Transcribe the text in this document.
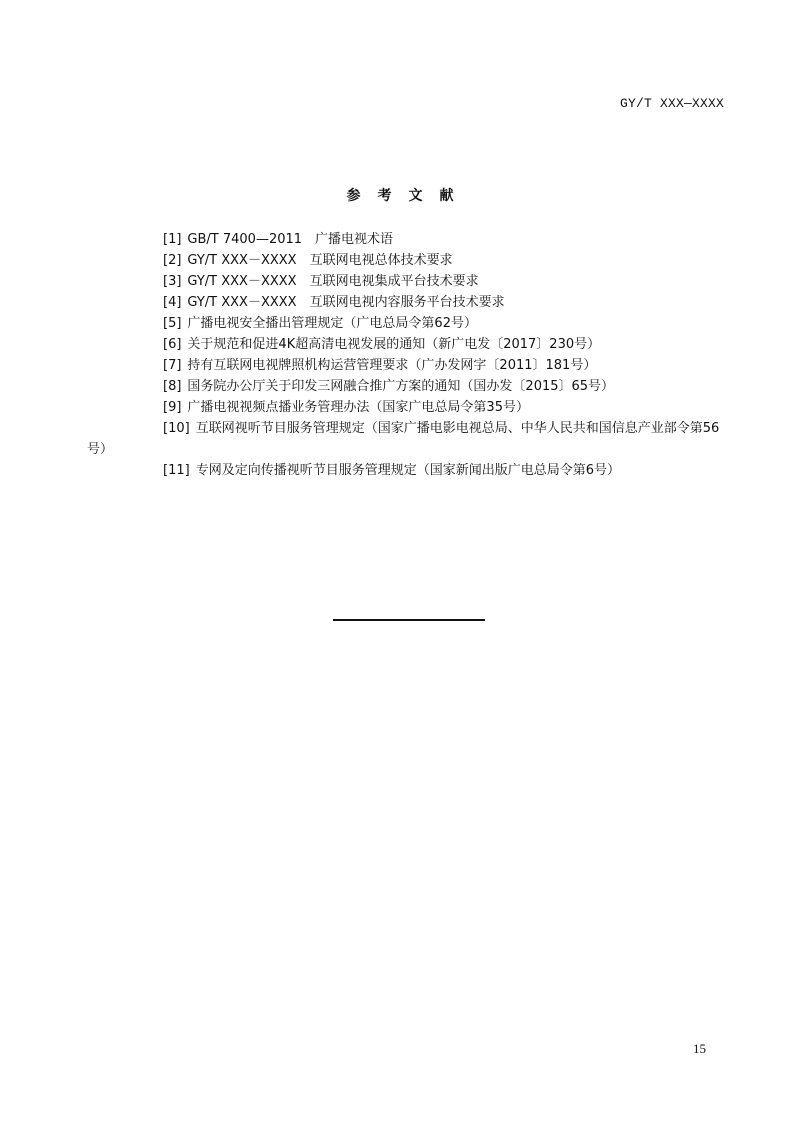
GY/T XXX—XXXX
参考文献
[1] GB/T 7400—2011　广播电视术语
[2] GY/T XXX－XXXX　互联网电视总体技术要求
[3] GY/T XXX－XXXX　互联网电视集成平台技术要求
[4] GY/T XXX－XXXX　互联网电视内容服务平台技术要求
[5] 广播电视安全播出管理规定（广电总局令第62号）
[6] 关于规范和促进4K超高清电视发展的通知（新广电发〔2017〕230号）
[7] 持有互联网电视牌照机构运营管理要求（广办发网字〔2011〕181号）
[8] 国务院办公厅关于印发三网融合推广方案的通知（国办发〔2015〕65号）
[9] 广播电视视频点播业务管理办法（国家广电总局令第35号）
[10] 互联网视听节目服务管理规定（国家广播电影电视总局、中华人民共和国信息产业部令第56号）
[11] 专网及定向传播视听节目服务管理规定（国家新闻出版广电总局令第6号）
15
